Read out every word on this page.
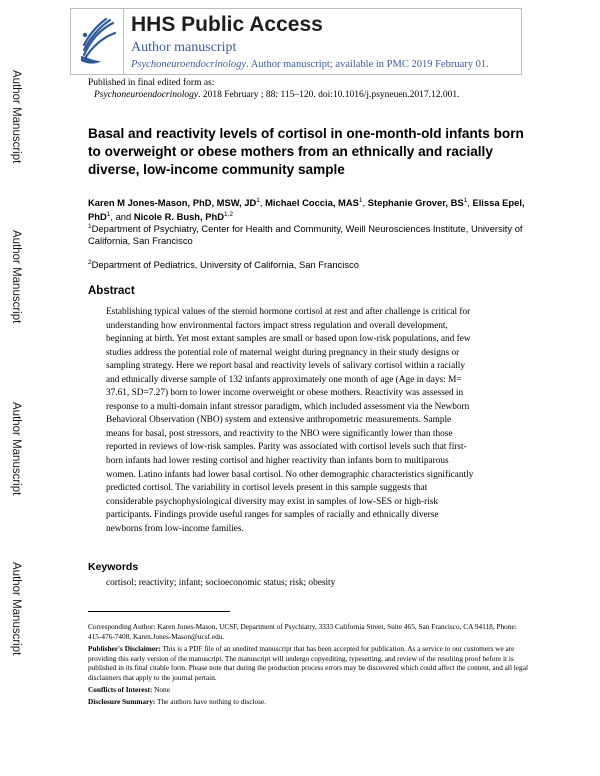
Author Manuscript
Author Manuscript
Author Manuscript
Author Manuscript
HHS Public Access
Author manuscript
Psychoneuroendocrinology. Author manuscript; available in PMC 2019 February 01.
Published in final edited form as:
Psychoneuroendocrinology. 2018 February ; 88: 115–120. doi:10.1016/j.psyneuen.2017.12.001.
Basal and reactivity levels of cortisol in one-month-old infants born to overweight or obese mothers from an ethnically and racially diverse, low-income community sample
Karen M Jones-Mason, PhD, MSW, $JD^1$, Michael Coccia, MAS$^1$, Stephanie Grover, $BS^1$, Elissa Epel, PhD$^1$, and Nicole R. Bush, PhD$^{1,2}$
$^1$Department of Psychiatry, Center for Health and Community, Weill Neurosciences Institute, University of California, San Francisco
$^2$Department of Pediatrics, University of California, San Francisco
Abstract
Establishing typical values of the steroid hormone cortisol at rest and after challenge is critical for
understanding how environmental factors impact stress regulation and overall development,
beginning at birth. Yet most extant samples are small or based upon low-risk populations, and few
studies address the potential role of maternal weight during pregnancy in their study designs or
sampling strategy. Here we report basal and reactivity levels of salivary cortisol within a racially
and ethnically diverse sample of 132 infants approximately one month of age (Age in days: M=
37.61, SD=7.27) born to lower income overweight or obese mothers. Reactivity was assessed in
response to a multi-domain infant stressor paradigm, which included assessment via the Newborn
Behavioral Observation (NBO) system and extensive anthropometric measurements. Sample
means for basal, post stressors, and reactivity to the NBO were significantly lower than those
reported in reviews of low-risk samples. Parity was associated with cortisol levels such that first-
born infants had lower resting cortisol and higher reactivity than infants born to multiparous
women. Latino infants had lower basal cortisol. No other demographic characteristics significantly
predicted cortisol. The variability in cortisol levels present in this sample suggests that
considerable psychophysiological diversity may exist in samples of low-SES or high-risk
participants. Findings provide useful ranges for samples of racially and ethnically diverse
newborns from low-income families.
Keywords
cortisol; reactivity; infant; socioeconomic status; risk; obesity
Corresponding Author: Karen Jones-Mason, UCSF, Department of Psychiatry, 3333 California Street, Suite 465, San Francisco, CA 94118, Phone: 415-476-7408, Karen.Jones-Mason@ucsf.edu.
Publisher's Disclaimer: This is a PDF file of an unedited manuscript that has been accepted for publication. As a service to our customers we are providing this early version of the manuscript. The manuscript will undergo copyediting, typesetting, and review of the resulting proof before it is published in its final citable form. Please note that during the production process errors may be discovered which could affect the content, and all legal disclaimers that apply to the journal pertain.
Conflicts of Interest: None
Disclosure Summary: The authors have nothing to disclose.
